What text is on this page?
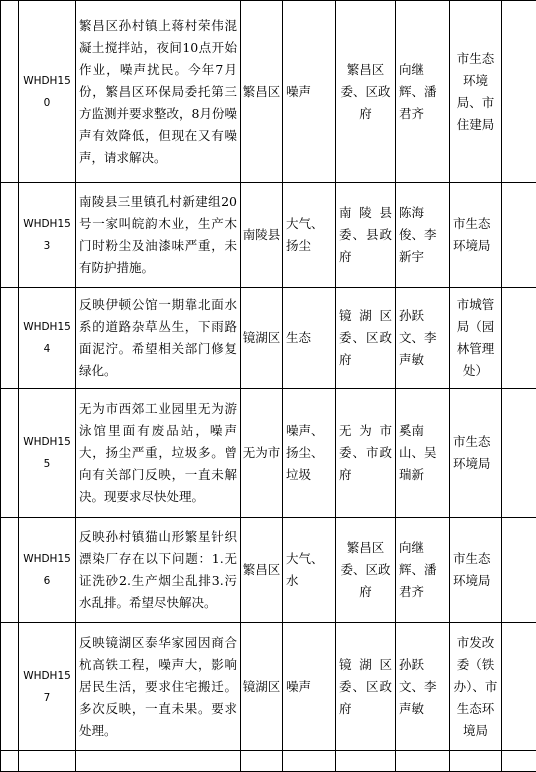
	WHDH150	繁昌区孙村镇上蒋村荣伟混凝土搅拌站，夜间10点开始作业，噪声扰民。今年7月份，繁昌区环保局委托第三方监测并要求整改，8月份噪声有效降低，但现在又有噪声，请求解决。	繁昌区	噪声	繁昌区委、区政府	向继辉、潘君齐	市生态环境局、市住建局	
	WHDH153	南陵县三里镇孔村新建组20号一家叫皖韵木业，生产木门时粉尘及油漆味严重，未有防护措施。	南陵县	大气、扬尘	南陵县委、县政府	陈海俊、李新宇	市生态环境局	
	WHDH154	反映伊顿公馆一期靠北面水系的道路杂草丛生，下雨路面泥泞。希望相关部门修复绿化。	镜湖区	生态	镜湖区委、区政府	孙跃文、李声敏	市城管局（园林管理处）	
	WHDH155	无为市西郊工业园里无为游泳馆里面有废品站，噪声大，扬尘严重，垃圾多。曾向有关部门反映，一直未解决。现要求尽快处理。	无为市	噪声、扬尘、垃圾	无为市委、市政府	奚南山、吴瑞新	市生态环境局	
	WHDH156	反映孙村镇猫山形繁星针织漂染厂存在以下问题：1.无证洗砂2.生产烟尘乱排3.污水乱排。希望尽快解决。	繁昌区	大气、水	繁昌区委、区政府	向继辉、潘君齐	市生态环境局	
	WHDH157	反映镜湖区泰华家园因商合杭高铁工程，噪声大，影响居民生活，要求住宅搬迁。多次反映，一直未果。要求处理。	镜湖区	噪声	镜湖区委、区政府	孙跃文、李声敏	市发改委（铁办）、市生态环境局	
